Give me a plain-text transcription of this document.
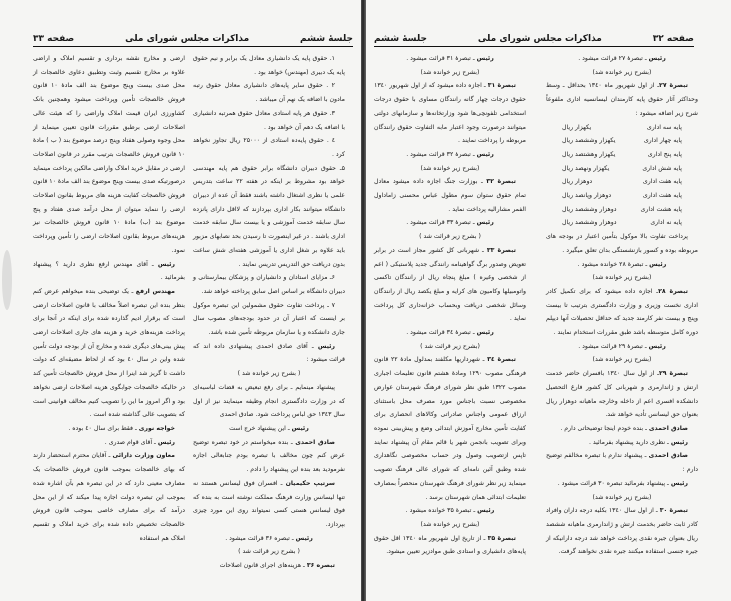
جلسهٔ ششم
مذاکرات مجلس شورای ملی
صفحه ۳۳

۱. حقوق پایه یک دانشیاری معادل یک برابر و نیم حقوق پایه یک دبیری (مهندس) خواهد بود .

۲ . حقوق سایر پایه‌های دانشیاری معادل حقوق رتبه مادون با اضافه یک نهم آن میباشد .

۳. حقوق هر پایه استادی معادل حقوق همرتبه دانشیاری با اضافه یک دهم آن خواهد بود .

٤ . حقوق پایه‌ده استادی از ۲۵۰۰۰ ریال تجاوز نخواهد کرد .

۵ـ حقوق دبیران دانشگاه برابر حقوق هم پایه مهندسی خواهد بود مشروط بر اینکه در هفته ۲۲ ساعت بتدریس علمی یا نظری اشتغال داشته باشند فقط آن عده از دبیران دانشگاه میتوانند بکار اداری بپردازند که لااقل دارای پانزده سال سابقه خدمت آموزشی و یا بیست سال سابقه خدمت اداری باشند . در غیر اینصورت تا رسیدن بحد نصابهای مزبور باید علاوه بر شغل اداری یا آموزشی هفته‌ای شش ساعت بدون دریافت حق التدریس تدریس نمایند .

۶ـ مزایای استادان و دانشیاران و پزشکان بیمارستانی و دبیران دانشگاه بر اساس اصل سابق پرداخته خواهد شد.

۷ ـ پرداخت تفاوت حقوق مشمولین این تبصره موکول بر اینست که اعتبار آن در حدود بودجه‌های مصوب سال جاری دانشکده و یا سازمان مربوطه تأمین شده باشد.

رئیس ـ آقای صادق احمدی پیشنهادی داده اند که قرائت میشود :

( بشرح زیر خوانده شد )

پیشنهاد مینمایم ـ برای رفع تبعیض به قضات لباسیه‌ای که در وزارت دادگستری انجام وظیفه مینمایند نیز از اول سال ۱۳٤۳ حق لباس پرداخت شود. صادق احمدی

رئیس ـ این پیشنهاد خرج است

صادق احمدی ـ بنده میخواستم در خود تبصره توضیح عرض کنم چون مخالف با تبصره بودم جنابعالی اجازه نفرمودید بعد بنده این پیشنهاد را دادم .

سرتیپ حکیمیان ـ افسران فوق لیسانس هستند نه تنها لیسانس وزارت فرهنگ مملکت نوشته است به بنده که فوق لیسانس هستی کسی نمیتواند روی این مورد چیزی بپردازد.

رئیس ـ تبصره ۳۶ قرائت میشود .

( بشرح زیر قرائت شد )

تبصره ۳۶ ـ هزینه‌های اجرای قانون اصلاحات

ارضی و مخارج نقشه برداری و تقسیم املاک و اراضی علاوه بر مخارج تقسیم وثبت وتطبیق دعاوی خالصجات از محل صدی بیست وپنج موضوع بند الف مادهٔ ۱۰ قانون فروش خالصجات تأمین وپرداخت میشود وهمچنین بانک کشاورزی ایران قیمت املاک واراضی را که هیئت عالی اصلاحات ارضی برطبق مقررات قانون تعیین مینماید از محل وجوه وصولی هفتاد وپنج درصد موضوع بند ( ب ) مادهٔ ۱۰ قانون فروش خالصجات بترتیب مقرر در قانون اصلاحات ارضی در مقابل خرید املاک واراضی مالکین پرداخت مینماید درصورتیکه صدی بیست وپنج موضوع بند الف مادهٔ ۱۰ قانون فروش خالصجات کفایت هزینه های مربوط بقانون اصلاحات ارضی را ننماید میتوان از محل درآمد صدی هفتاد و پنج موضوع بند (ب) مادهٔ ۱۰ قانون فروش خالصجات نیز هزینه‌های مربوط بقانون اصلاحات ارضی را تأمین وپرداخت نمود.

رئیس ـ آقای مهندس ارفع نظری دارید ؟ پیشنهاد بفرمائید .

مهندس ارفع ـ یک توضیحی بنده میخواهم عرض کنم بنظر بنده این تبصره اصلاً مخالف با قانون اصلاحات ارضی است که برقرار ادیم گذارده شده برای اینکه در آنجا برای پرداخت هزینه‌های خرید و هزینه های جاری اصلاحات ارضی پیش بینی‌های دیگری شده و مخارج آن از بودجه دولت تأمین شده واین در سال ٤٠ بود که از لحاظ مضیقه‌ای که دولت داشت تا گریز شد اینرا از محل فروش خالصجات تأمین کند در حالیکه خالصجات جوابگوی هزینه اصلاحات ارضی نخواهد بود و اگر امروز ما این را تصویب کنیم مخالف قوانینی است که بتصویب عالی گذاشته شده است .

خواجه نوری ـ فقط برای سال ٤٠ بوده .

رئیس ـ آقای قوام صدری .

معاون وزارت دارائی ـ آقایان محترم استحضار دارند که بهای خالصجات بموجب قانون فروش خالصجات یک مصارف معینی دارد که در این تبصره هم بآن اشاره شده بموجب این تبصره دولت اجازه پیدا میکند که از این محل درآمد که برای مصارف خاصی بموجب قانون فروش خالصجات تخصیص داده شده برای خرید املاک و تقسیم املاک هم استفاده

صفحه ۳۲
مذاکرات مجلس شورای ملی
جلسهٔ ششم

رئیس ـ تبصرهٔ ۲۷ قرائت میشود .

(بشرح زیر خوانده شد)

تبصرهٔ ۲۷ـ از اول شهریور ماه ۱۳٤۰ بحداقل ـ وسط وحداکثر آثار حقوق پایه کارمندان لیسانسیه اداری ملفوعاً شرح زیر اضافه میشود :

پایه سه اداری
یکهزار ریال
پایه چهار اداری
یکهزار وششصد ریال
پایه پنج اداری
یکهزار وهشتصد ریال
پایه شش اداری
یکهزار ونهصد ریال
پایه هفت اداری
دوهزار ریال
پایه هفت اداری
دوهزار وپانصد ریال
پایه هشت اداری
دوهزار وششصد ریال
پایه نه اداری
دوهزار وششصد ریال

پرداخت تفاوت بالا موکول بتأمین اعتبار در بودجه های مربوطه بوده و کسور بازنشستگی بدان تعلق میگیرد .

رئیس ـ تبصرهٔ ۲۸ خوانده میشود .

(بشرح زیر خوانده شد)

تبصرهٔ ۲۸ـ اجازه داده میشود که برای تکمیل کادر اداری نخست وزیری و وزارت دادگستری بترتیب تا بیست وپنج و بیست نفر کارمند جدید که حداقل تحصیلات آنها دیپلم دوره کامل متوسطه باشد طبق مقررات استخدام نمایند .

رئیس ـ تبصرهٔ ۲۹ قرائت میشود .

(بشرح زیر خوانده شد)

تبصرهٔ ۲۹ـ از اول سال ۱۳٤۰ بافسران حاضر خدمت ارتش و ژاندارمری و شهربانی کل کشور فارغ التحصیل دانشکده افسری اعم از داخله وخارجه ماهیانه دوهزار ریال بعنوان حق لیسانس تأدیه خواهد شد.

صادق احمدی ـ بنده خودم اینجا توضیحاتی دارم .

رئیس ـ نظری دارید پیشنهاد بفرمائید .

صادق احمدی ـ پیشنهاد ندارم با تبصره مخالفم توضیح دارم :

رئیس ـ پیشنهاد بفرمائید تبصره ۳۰ قرائت میشود .

(بشرح زیر خوانده شد)

تبصرهٔ ۳۰ ـ از اول سال ۱۳٤۰ بکلیه درجه داران وافراد کادر ثابت حاضر بخدمت ارتش و ژاندارمری ماهیانه ششصد ریال بعنوان جیره نقدی پرداخت خواهد شد درجه دارانیکه از جیره جنسی استفاده میکنند جیره نقدی نخواهند گرفت.

رئیس ـ تبصرهٔ ۳۱ قرائت میشود .

(بشرح زیر خوانده شد)

تبصرهٔ ۳۱ ـ اجازه داده میشود که از اول شهریور ۱۳٤۰ حقوق درجات چهار گانه رانندگان مساوی با حقوق درجات استخدامی تلفونچی‌ها شود وزارتخانه‌ها و سازمانهای دولتی میتوانند درصورت وجود اعتبار مابه التفاوت حقوق رانندگان مربوطه را پرداخت نمایند .

رئیس ـ تبصرهٔ ۳۲ قرائت میشود .

(بشرح زیر خوانده شد)

تبصرهٔ ۳۲ ـ بوزارت جنگ اجازه داده میشود معادل تمام حقوق ستوان سوم مطول عباس محسنی زاماداول الفمر مشارالیه پرداخت نماید .

رئیس ـ تبصرهٔ ۳۳ قرائت میشود .

( بشرح زیر قرائت شد )

تبصرهٔ ۳۳ ـ شهربانی کل کشور مجاز است در برابر تعویض وصدور برگ گواهینامه رانندگی جدید پلاستیکی ( اعم از شخصی وغیره ) مبلغ پنجاه ریال از رانندگان تاکسی واتومبیلها وکامیون های کرایه و مبلغ یکصد ریال از رانندگان وسائل شخصی دریافت وبحساب خزانه‌داری کل پرداخت نماید .

رئیس ـ تبصرهٔ ۳٤ قرائت میشود .

(بشرح زیر قرائت شد )

تبصرهٔ ۳٤ ـ شهرداریها مکلفند بمدلول مادهٔ ۲۲ قانون فرهنگی مصوب ۱۲۹۰ ومادهٔ هشتم قانون تعلیمات اجباری مصوب ۱۳۲۲ طبق نظر شورای فرهنگ شهرستان عوارض مخصوصی نسبت باجناس مورد مصرف محل باستثنای ارزاق عمومی واجناس صادراتی وکالاهای انحصاری برای کفایت تأمین مخارج آموزش ابتدائی وضع و پیش‌بینی نموده وبرای تصویب بانجمن شهر یا قائم مقام آن پیشنهاد نمایند تاپس ازتصویب وصول ودر حساب مخصوصی نگاهداری شده وطبق آئین نامه‌ای که شورای عالی فرهنگ تصویب مینماید زیر نظر شورای فرهنگ شهرستان منحصراً بمصارف تعلیمات ابتدائی همان شهرستان برسد .

رئیس ـ تبصرهٔ ۳۵ خوانده میشود .

(بشرح زیر خوانده شد)

تبصرهٔ ۳۵ ـ از تاریخ اول شهریور ماه ۱۳٤۰ اقل حقوق پایه‌های دانشیاری و استادی طبق موادزیر تعیین میشود.
